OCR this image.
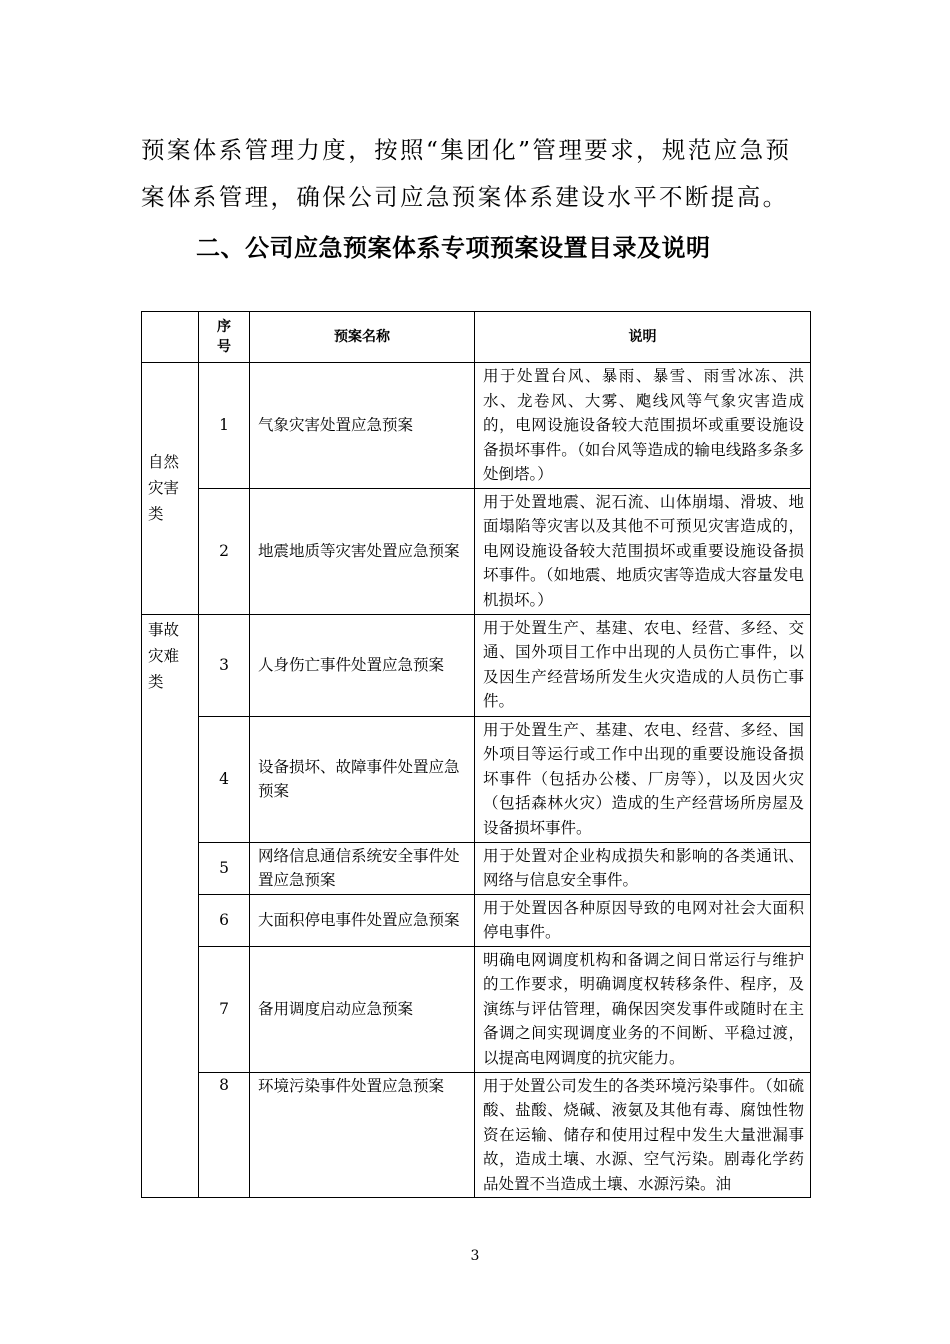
预案体系管理力度，按照“集团化”管理要求，规范应急预

案体系管理，确保公司应急预案体系建设水平不断提高。

二、公司应急预案体系专项预案设置目录及说明
	序号	预案名称	说明
自然灾害类	1	气象灾害处置应急预案	用于处置台风、暴雨、暴雪、雨雪冰冻、洪水、龙卷风、大雾、飑线风等气象灾害造成的，电网设施设备较大范围损坏或重要设施设备损坏事件。（如台风等造成的输电线路多条多处倒塔。）
	2	地震地质等灾害处置应急预案	用于处置地震、泥石流、山体崩塌、滑坡、地面塌陷等灾害以及其他不可预见灾害造成的，电网设施设备较大范围损坏或重要设施设备损坏事件。（如地震、地质灾害等造成大容量发电机损坏。）
事故灾难类	3	人身伤亡事件处置应急预案	用于处置生产、基建、农电、经营、多经、交通、国外项目工作中出现的人员伤亡事件，以及因生产经营场所发生火灾造成的人员伤亡事件。
	4	设备损坏、故障事件处置应急预案	用于处置生产、基建、农电、经营、多经、国外项目等运行或工作中出现的重要设施设备损坏事件（包括办公楼、厂房等），以及因火灾（包括森林火灾）造成的生产经营场所房屋及设备损坏事件。
	5	网络信息通信系统安全事件处置应急预案	用于处置对企业构成损失和影响的各类通讯、网络与信息安全事件。
	6	大面积停电事件处置应急预案	用于处置因各种原因导致的电网对社会大面积停电事件。
	7	备用调度启动应急预案	明确电网调度机构和备调之间日常运行与维护的工作要求，明确调度权转移条件、程序，及演练与评估管理，确保因突发事件或随时在主备调之间实现调度业务的不间断、平稳过渡，以提高电网调度的抗灾能力。
	8	环境污染事件处置应急预案	用于处置公司发生的各类环境污染事件。（如硫酸、盐酸、烧碱、液氨及其他有毒、腐蚀性物资在运输、储存和使用过程中发生大量泄漏事故，造成土壤、水源、空气污染。剧毒化学药品处置不当造成土壤、水源污染。油
3
